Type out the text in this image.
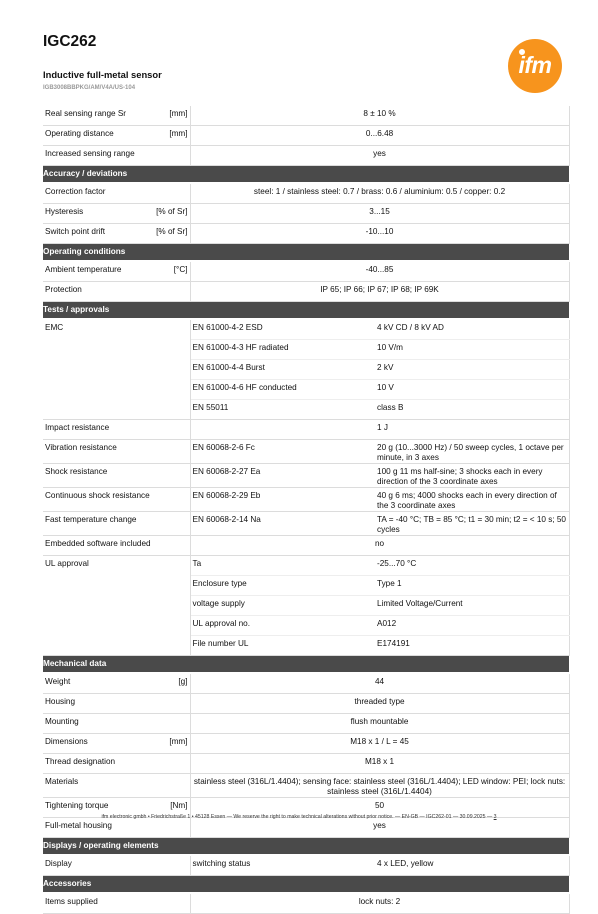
IGC262
Inductive full-metal sensor
IGB3008BBPKG/AM/V4A/US-104
ifm
Real sensing range Sr [mm]	8 ± 10 %	
Operating distance [mm]	0...6.48	
Increased sensing range	yes	
Accuracy / deviations		
Correction factor	steel: 1 / stainless steel: 0.7 / brass: 0.6 / aluminium: 0.5 / copper: 0.2	
Hysteresis [% of Sr]	3...15	
Switch point drift [% of Sr]	-10...10	
Operating conditions		
Ambient temperature [°C]	-40...85	
Protection	IP 65; IP 66; IP 67; IP 68; IP 69K	
Tests / approvals		
EMC	EN 61000-4-2 ESD	4 kV CD / 8 kV AD
	EN 61000-4-3 HF radiated	10 V/m
	EN 61000-4-4 Burst	2 kV
	EN 61000-4-6 HF conducted	10 V
	EN 55011	class B
Impact resistance		1 J
Vibration resistance	EN 60068-2-6 Fc	20 g (10...3000 Hz) / 50 sweep cycles, 1 octave per minute, in 3 axes
Shock resistance	EN 60068-2-27 Ea	100 g 11 ms half-sine; 3 shocks each in every direction of the 3 coordinate axes
Continuous shock resistance	EN 60068-2-29 Eb	40 g 6 ms; 4000 shocks each in every direction of the 3 coordinate axes
Fast temperature change	EN 60068-2-14 Na	TA = -40 °C; TB = 85 °C; t1 = 30 min; t2 = < 10 s; 50 cycles
Embedded software included	no	
UL approval	Ta	-25...70 °C
	Enclosure type	Type 1
	voltage supply	Limited Voltage/Current
	UL approval no.	A012
	File number UL	E174191
Mechanical data		
Weight [g]	44	
Housing	threaded type	
Mounting	flush mountable	
Dimensions [mm]	M18 x 1 / L = 45	
Thread designation	M18 x 1	
Materials	stainless steel (316L/1.4404); sensing face: stainless steel (316L/1.4404); LED window: PEI; lock nuts: stainless steel (316L/1.4404)	
Tightening torque [Nm]	50	
Full-metal housing	yes	
Displays / operating elements		
Display	switching status	4 x LED, yellow
Accessories		
Items supplied	lock nuts: 2	
ifm electronic gmbh • Friedrichstraße 1 • 45128 Essen — We reserve the right to make technical alterations without prior notice. — EN-GB — IGC262-01 — 30.09.2025 — 3
